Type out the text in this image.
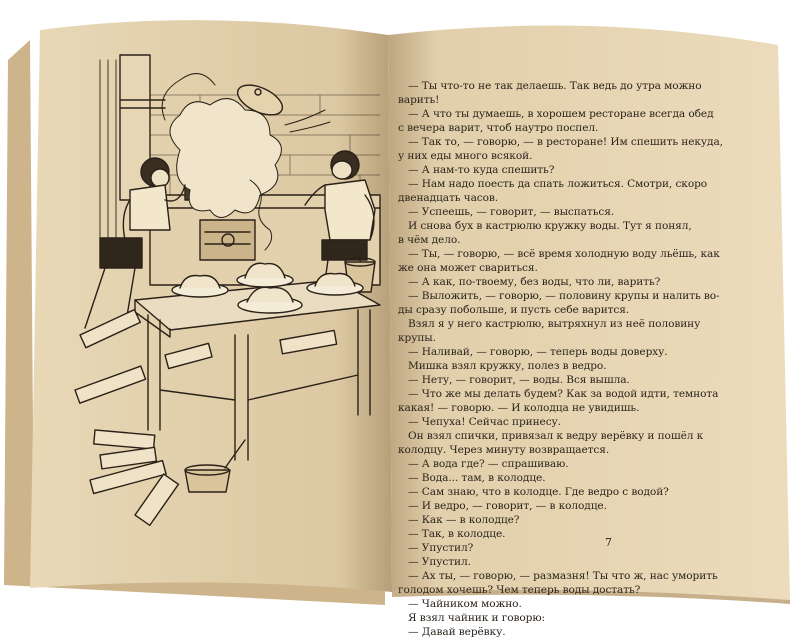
— Ты что-то не так делаешь. Так ведь до утра можно
варить!
— А что ты думаешь, в хорошем ресторане всегда обед
с вечера варит, чтоб наутро поспел.
— Так то, — говорю, — в ресторане! Им спешить некуда,
у них еды много всякой.
— А нам-то куда спешить?
— Нам надо поесть да спать ложиться. Смотри, скоро
двенадцать часов.
— Успеешь, — говорит, — выспаться.
И снова бух в кастрюлю кружку воды. Тут я понял,
в чём дело.
— Ты, — говорю, — всё время холодную воду льёшь, как
же она может свариться.
— А как, по-твоему, без воды, что ли, варить?
— Выложить, — говорю, — половину крупы и налить во-
ды сразу побольше, и пусть себе варится.
Взял я у него кастрюлю, вытряхнул из неё половину
крупы.
— Наливай, — говорю, — теперь воды доверху.
Мишка взял кружку, полез в ведро.
— Нету, — говорит, — воды. Вся вышла.
— Что же мы делать будем? Как за водой идти, темнота
какая! — говорю. — И колодца не увидишь.
— Чепуха! Сейчас принесу.
Он взял спички, привязал к ведру верёвку и пошёл к
колодцу. Через минуту возвращается.
— А вода где? — спрашиваю.
— Вода... там, в колодце.
— Сам знаю, что в колодце. Где ведро с водой?
— И ведро, — говорит, — в колодце.
— Как — в колодце?
— Так, в колодце.
— Упустил?
— Упустил.
— Ах ты, — говорю, — размазня! Ты что ж, нас уморить
голодом хочешь? Чем теперь воды достать?
— Чайником можно.
Я взял чайник и говорю:
— Давай верёвку.
7
